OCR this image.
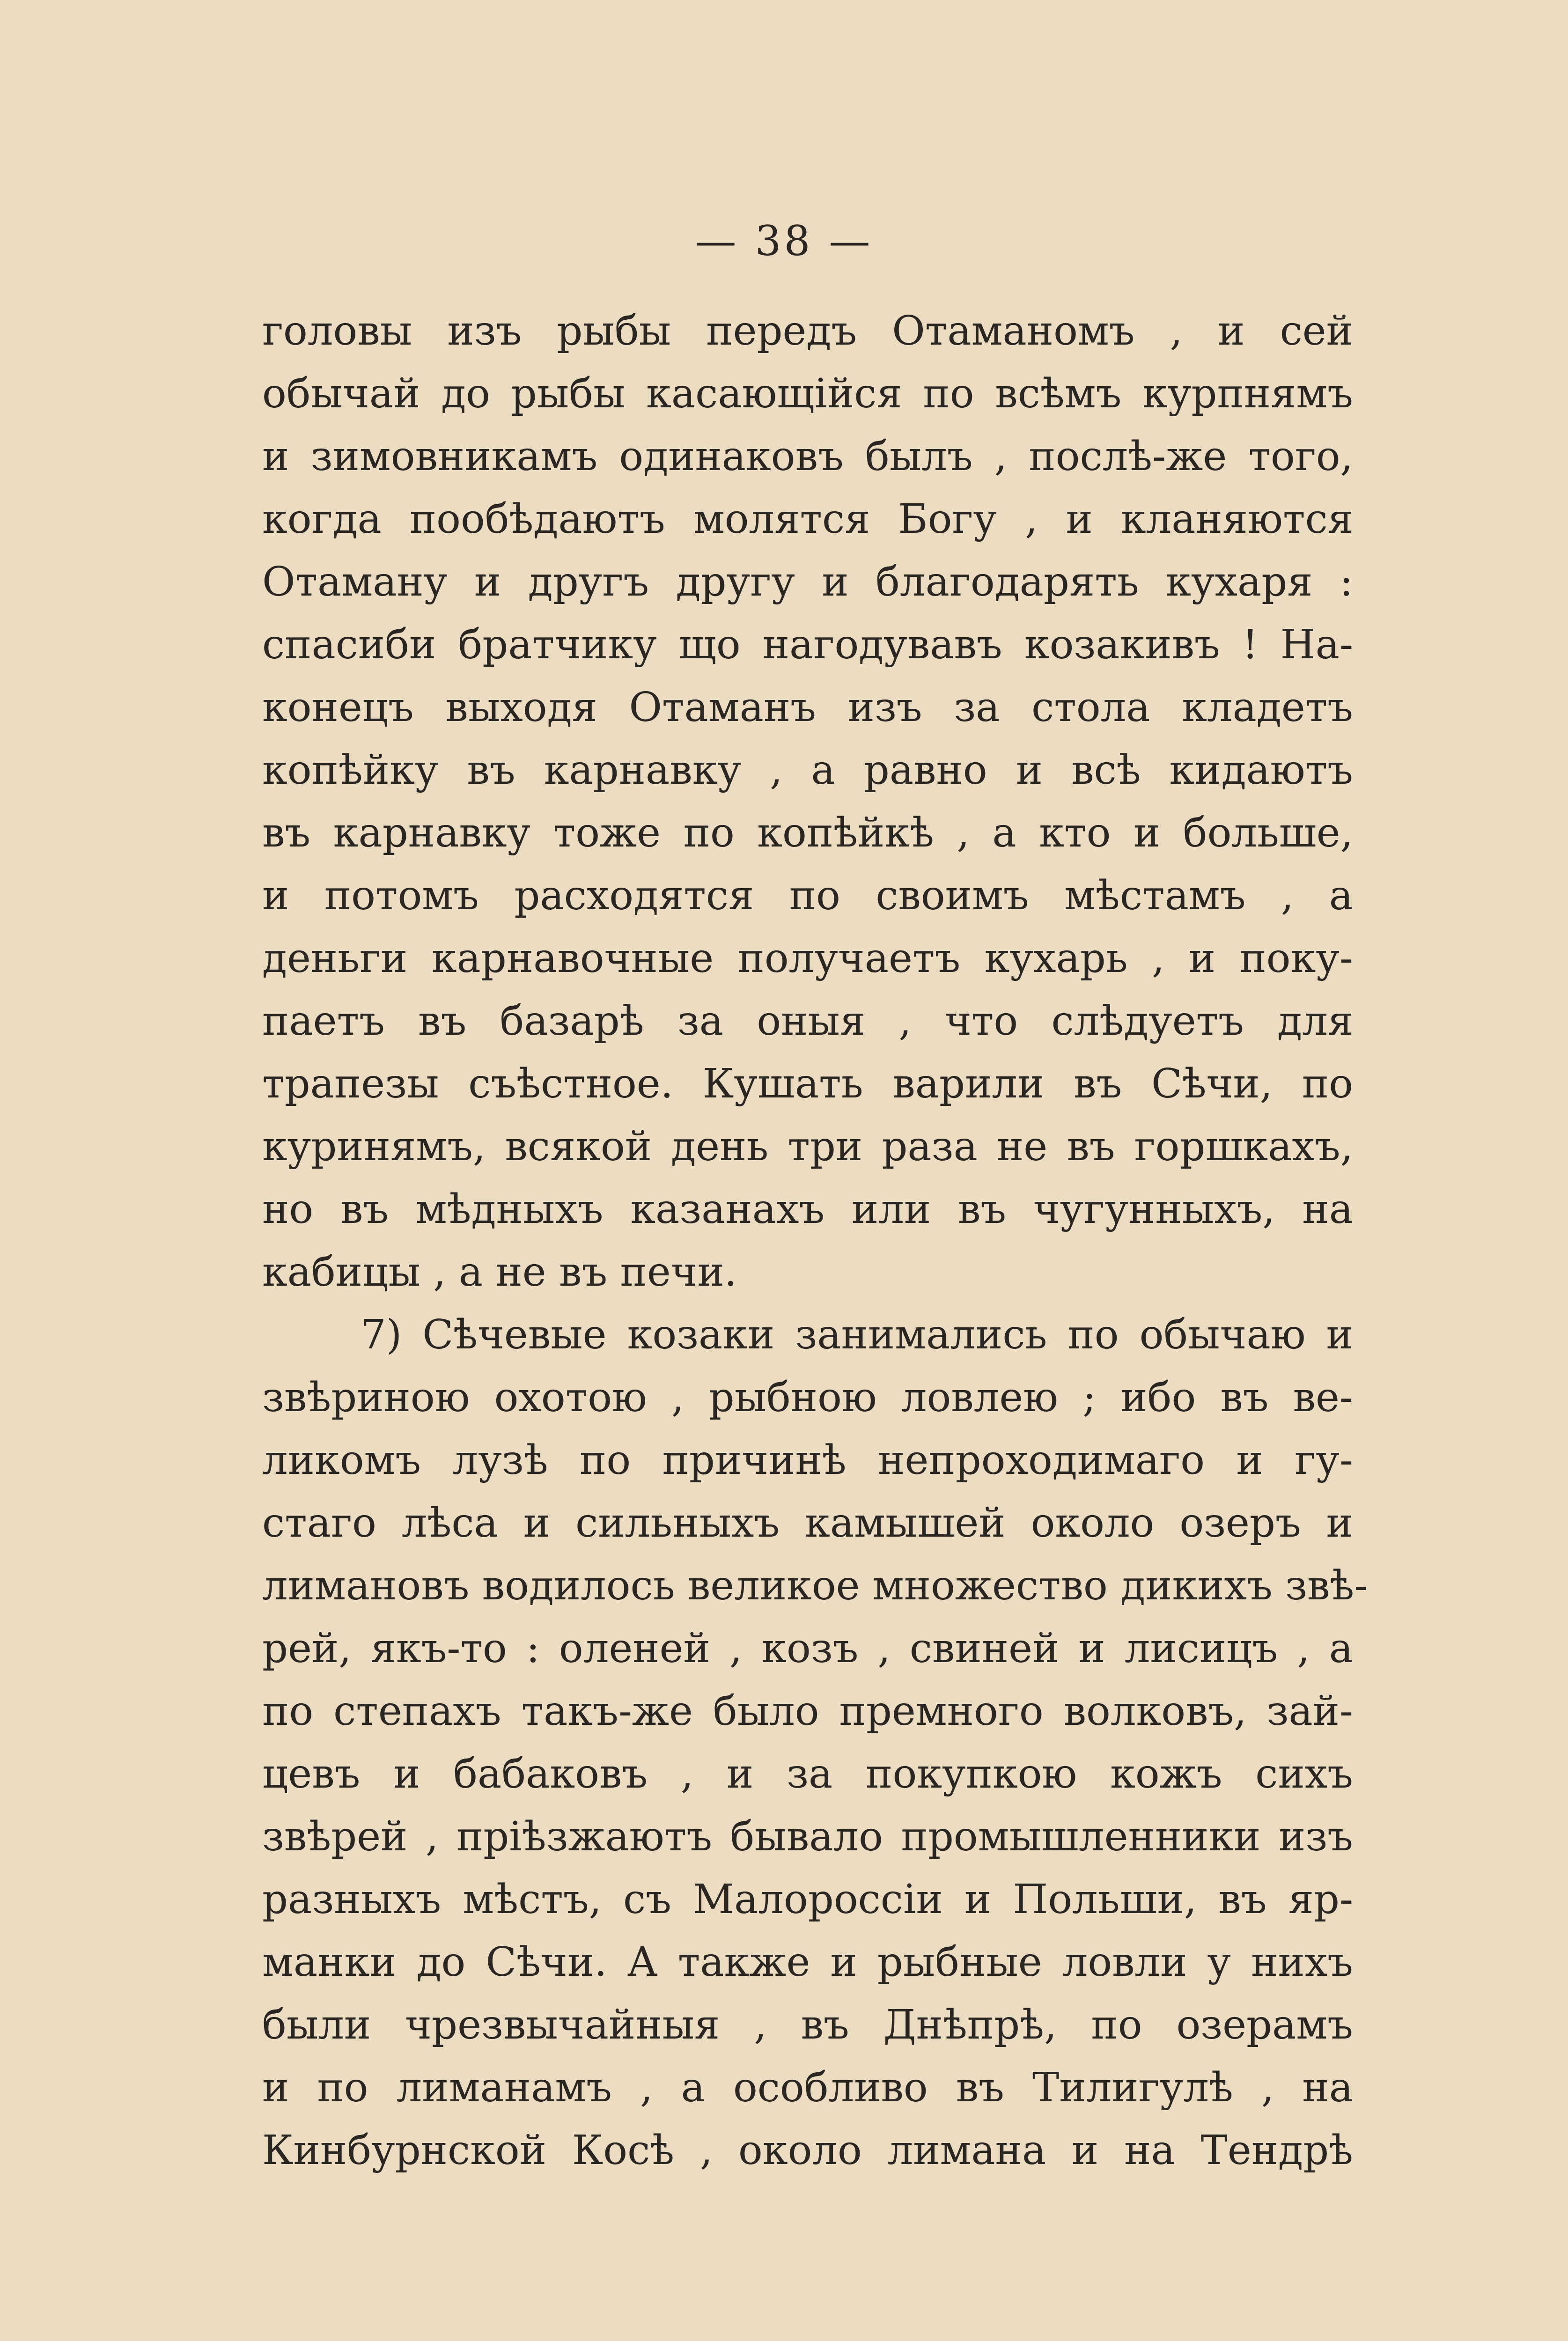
— 38 —
головы изъ рыбы передъ Отаманомъ , и сей
обычай до рыбы касающiйся по всѣмъ курпнямъ
и зимовникамъ одинаковъ былъ , послѣ-же того,
когда пообѣдаютъ молятся Богу , и кланяются
Отаману и другъ другу и благодарять кухаря :
спасиби братчику що нагодувавъ козакивъ ! На-
конецъ выходя Отаманъ изъ за стола кладетъ
копѣйку въ карнавку , а равно и всѣ кидаютъ
въ карнавку тоже по копѣйкѣ , а кто и больше,
и потомъ расходятся по своимъ мѣстамъ , а
деньги карнавочные получаетъ кухарь , и поку-
паетъ въ базарѣ за оныя , что слѣдуетъ для
трапезы съѣстное. Кушать варили въ Сѣчи, по
куринямъ, всякой день три раза не въ горшкахъ,
но въ мѣдныхъ казанахъ или въ чугунныхъ, на
кабицы , а не въ печи.
7) Сѣчевые козаки занимались по обычаю и
звѣриною охотою , рыбною ловлею ; ибо въ ве-
ликомъ лузѣ по причинѣ непроходимаго и гу-
стаго лѣса и сильныхъ камышей около озеръ и
лимановъ водилось великое множество дикихъ звѣ-
рей, якъ-то : оленей , козъ , свиней и лисицъ , а
по степахъ такъ-же было премного волковъ, зай-
цевъ и бабаковъ , и за покупкою кожъ сихъ
звѣрей , прiѣзжаютъ бывало промышленники изъ
разныхъ мѣстъ, съ Малороссiи и Польши, въ яр-
манки до Сѣчи. А также и рыбные ловли у нихъ
были чрезвычайныя , въ Днѣпрѣ, по озерамъ
и по лиманамъ , а особливо въ Тилигулѣ , на
Кинбурнской Косѣ , около лимана и на Тендрѣ
